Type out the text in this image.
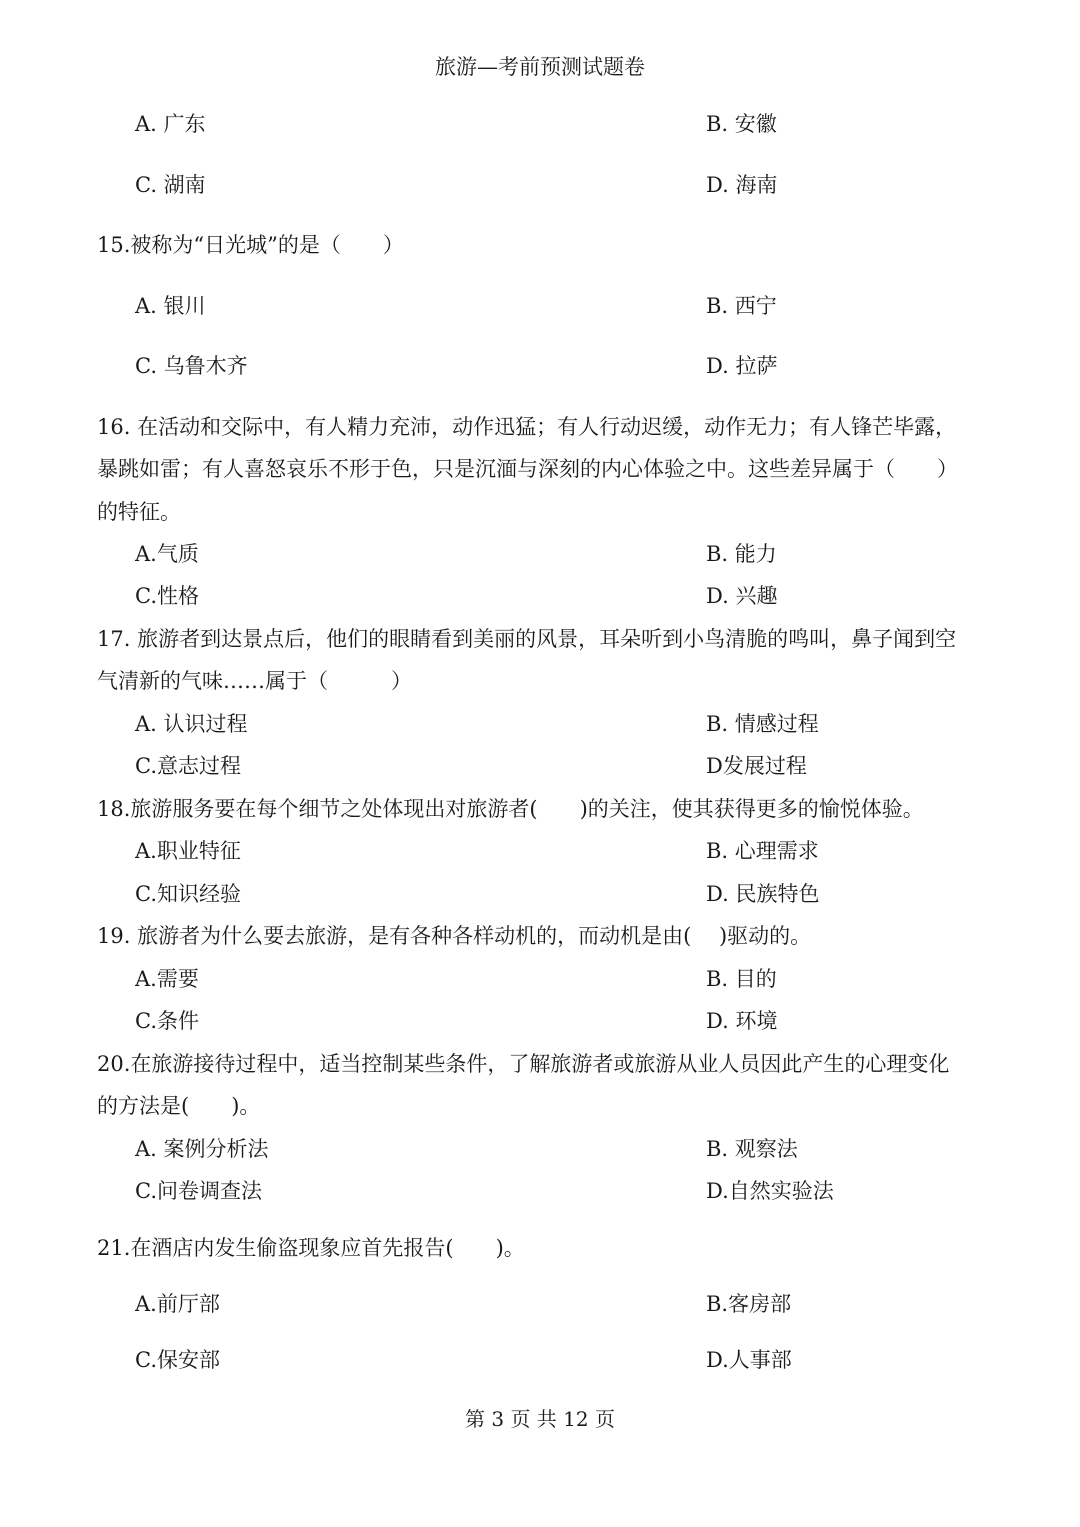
旅游—考前预测试题卷
A. 广东	B. 安徽
C. 湖南	D. 海南
15.被称为“日光城”的是（　　）
A. 银川	B. 西宁
C. 乌鲁木齐	D. 拉萨
16. 在活动和交际中，有人精力充沛，动作迅猛；有人行动迟缓，动作无力；有人锋芒毕露，
暴跳如雷；有人喜怒哀乐不形于色，只是沉湎与深刻的内心体验之中。这些差异属于（　　）
的特征。
A.气质	B. 能力
C.性格	D. 兴趣
17. 旅游者到达景点后，他们的眼睛看到美丽的风景，耳朵听到小鸟清脆的鸣叫，鼻子闻到空
气清新的气味……属于（　　　）
A. 认识过程	B. 情感过程
C.意志过程	D发展过程
18.旅游服务要在每个细节之处体现出对旅游者(　　)的关注，使其获得更多的愉悦体验。
A.职业特征	B. 心理需求
C.知识经验	D. 民族特色
19. 旅游者为什么要去旅游，是有各种各样动机的，而动机是由(　 )驱动的。
A.需要	B. 目的
C.条件	D. 环境
20.在旅游接待过程中，适当控制某些条件，了解旅游者或旅游从业人员因此产生的心理变化
的方法是(　　)。
A. 案例分析法	B. 观察法
C.问卷调查法	D.自然实验法
21.在酒店内发生偷盗现象应首先报告(　　)。
A.前厅部	B.客房部
C.保安部	D.人事部
第 3 页 共 12 页
